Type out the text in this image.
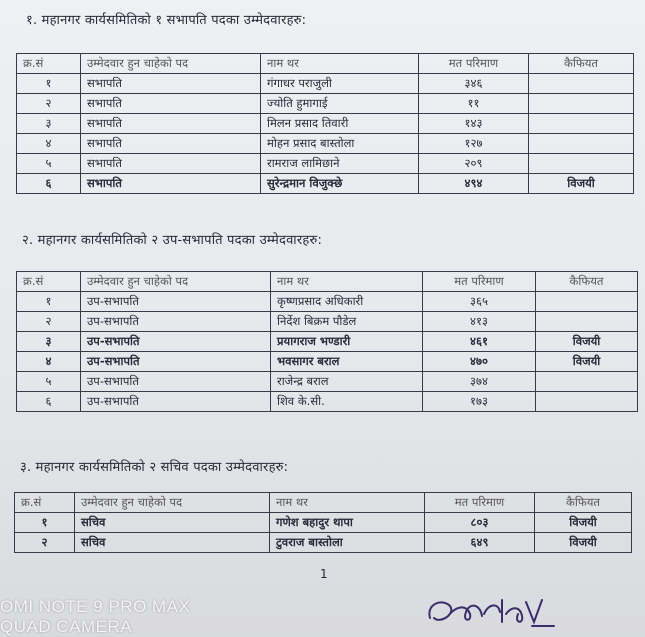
१. महानगर कार्यसमितिको १ सभापति पदका उम्मेदवारहरु:
क्र.सं	उम्मेदवार हुन चाहेको पद	नाम थर	मत परिमाण	कैफियत
१	सभापति	गंगाधर पराजुली	३४६	
२	सभापति	ज्योति हुमागाई	११	
३	सभापति	मिलन प्रसाद तिवारी	१४३	
४	सभापति	मोहन प्रसाद बास्तोला	१२७	
५	सभापति	रामराज लामिछाने	२०९	
६	सभापति	सुरेन्द्रमान विजुक्छे	४९४	विजयी
२. महानगर कार्यसमितिको २ उप-सभापति पदका उम्मेदवारहरु:
क्र.सं	उम्मेदवार हुन चाहेको पद	नाम थर	मत परिमाण	कैफियत
१	उप-सभापति	कृष्णप्रसाद अधिकारी	३६५	
२	उप-सभापति	निर्देश बिक्रम पौडेल	४१३	
३	उप-सभापति	प्रयागराज भण्डारी	४६१	विजयी
४	उप-सभापति	भवसागर बराल	४७०	विजयी
५	उप-सभापति	राजेन्द्र बराल	३७४	
६	उप-सभापति	शिव के.सी.	१७३	
३. महानगर कार्यसमितिको २ सचिव पदका उम्मेदवारहरु:
क्र.सं	उम्मेदवार हुन चाहेको पद	नाम थर	मत परिमाण	कैफियत
१	सचिव	गणेश बहादुर थापा	८०३	विजयी
२	सचिव	टुवराज बास्तोला	६४९	विजयी
1
OMI NOTE 9 PRO MAX
QUAD CAMERA
